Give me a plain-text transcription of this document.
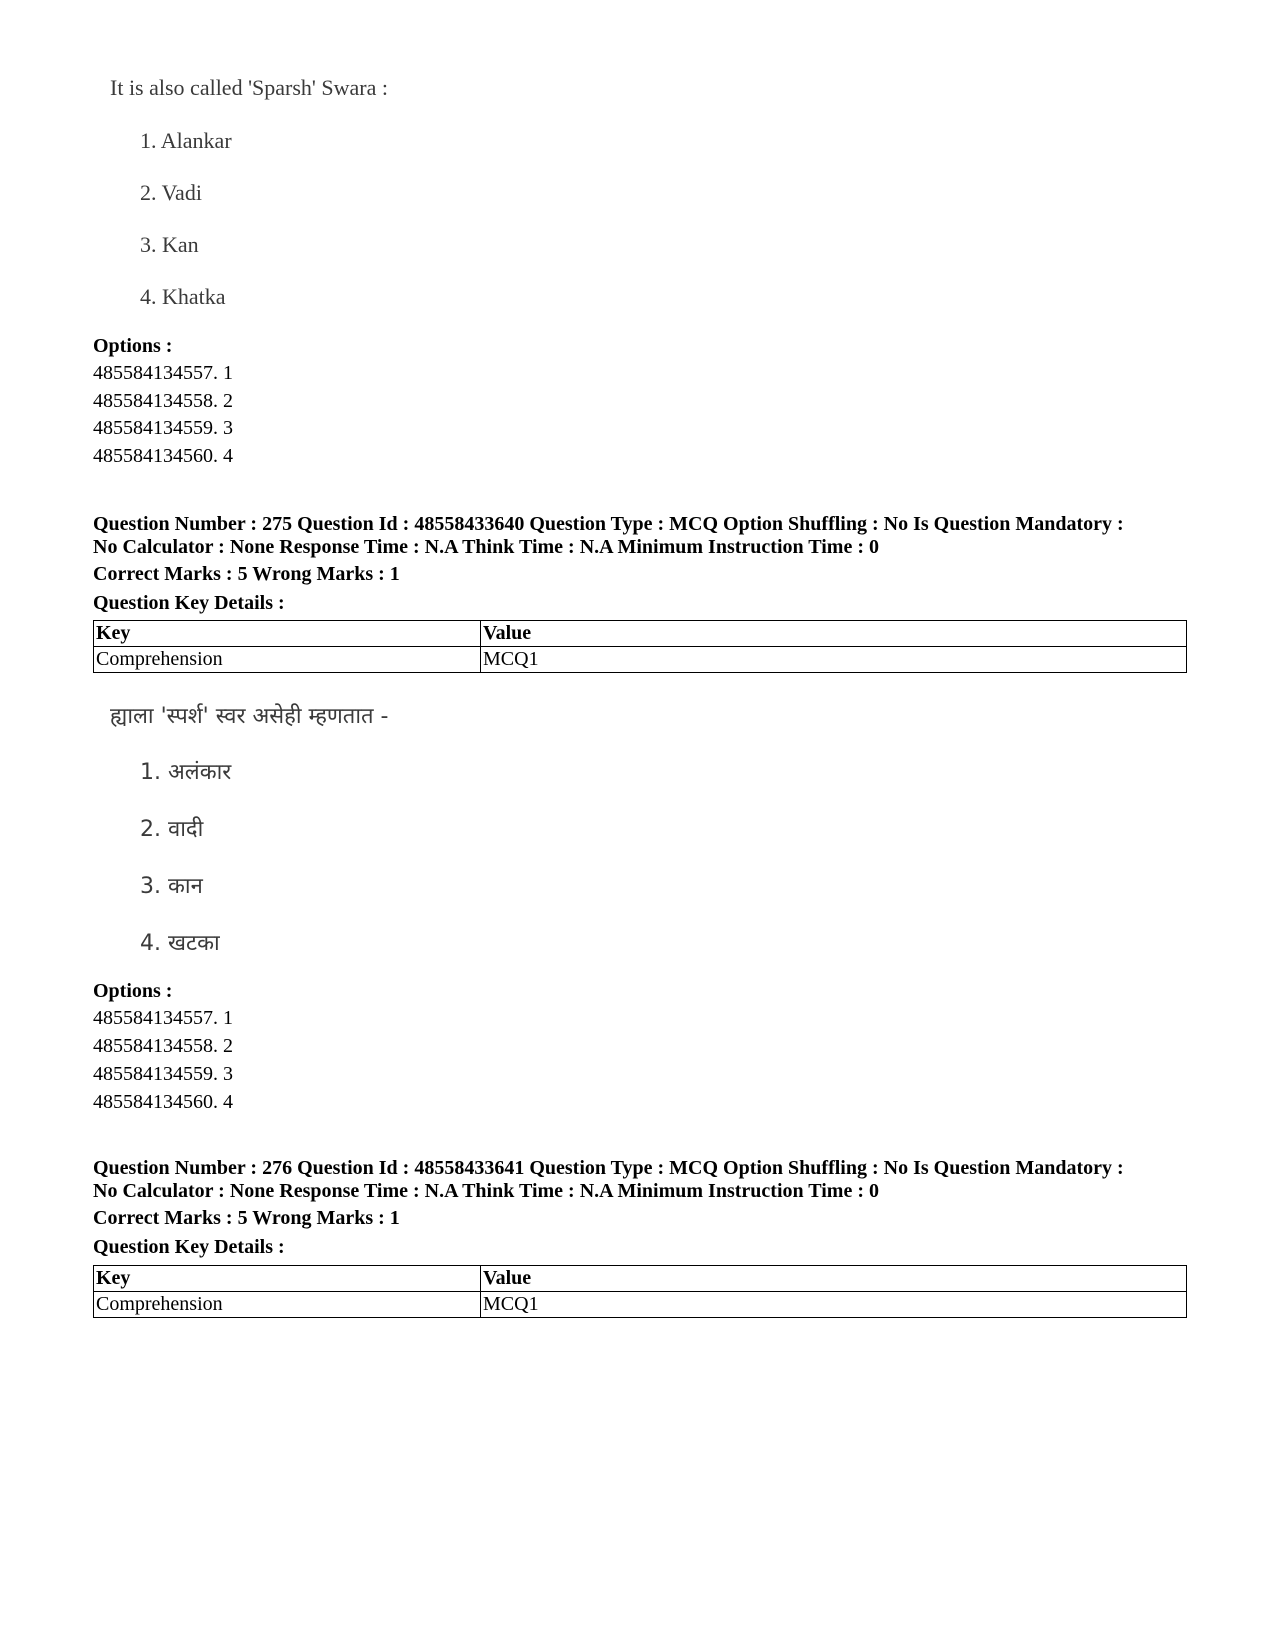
It is also called 'Sparsh' Swara :
1. Alankar
2. Vadi
3. Kan
4. Khatka
Options :
485584134557. 1
485584134558. 2
485584134559. 3
485584134560. 4
Question Number : 275 Question Id : 48558433640 Question Type : MCQ Option Shuffling : No Is Question Mandatory :
No Calculator : None Response Time : N.A Think Time : N.A Minimum Instruction Time : 0
Correct Marks : 5 Wrong Marks : 1
Question Key Details :
Key	Value
Comprehension	MCQ1
ह्याला 'स्पर्श' स्वर असेही म्हणतात -
1. अलंकार
2. वादी
3. कान
4. खटका
Options :
485584134557. 1
485584134558. 2
485584134559. 3
485584134560. 4
Question Number : 276 Question Id : 48558433641 Question Type : MCQ Option Shuffling : No Is Question Mandatory :
No Calculator : None Response Time : N.A Think Time : N.A Minimum Instruction Time : 0
Correct Marks : 5 Wrong Marks : 1
Question Key Details :
Key	Value
Comprehension	MCQ1
